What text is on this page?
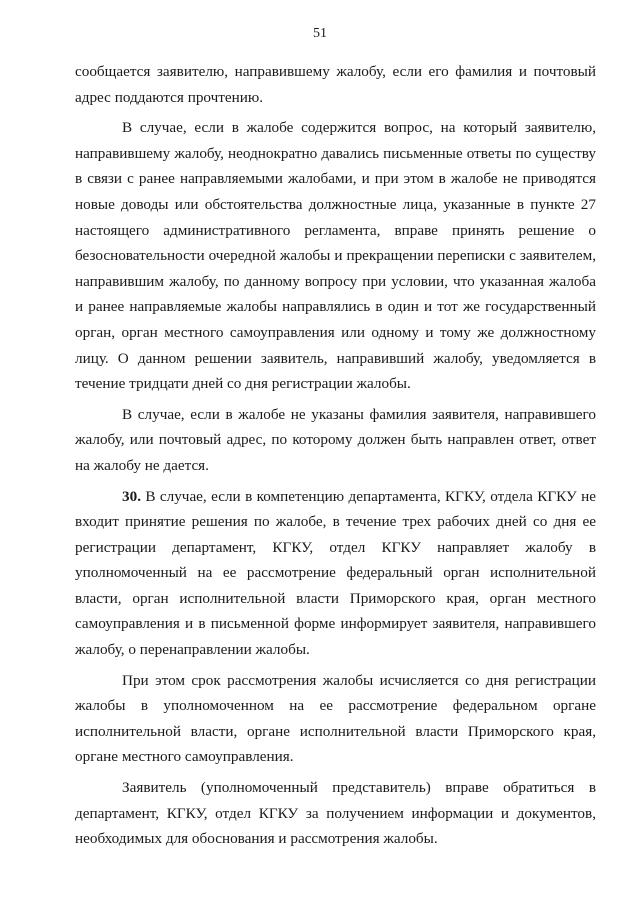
51

сообщается заявителю, направившему жалобу, если его фамилия и почтовый адрес поддаются прочтению.

В случае, если в жалобе содержится вопрос, на который заявителю, направившему жалобу, неоднократно давались письменные ответы по существу в связи с ранее направляемыми жалобами, и при этом в жалобе не приводятся новые доводы или обстоятельства должностные лица, указанные в пункте 27 настоящего административного регламента, вправе принять решение о безосновательности очередной жалобы и прекращении переписки с заявителем, направившим жалобу, по данному вопросу при условии, что указанная жалоба и ранее направляемые жалобы направлялись в один и тот же государственный орган, орган местного самоуправления или одному и тому же должностному лицу. О данном решении заявитель, направивший жалобу, уведомляется в течение тридцати дней со дня регистрации жалобы.

В случае, если в жалобе не указаны фамилия заявителя, направившего жалобу, или почтовый адрес, по которому должен быть направлен ответ, ответ на жалобу не дается.

30. В случае, если в компетенцию департамента, КГКУ, отдела КГКУ не входит принятие решения по жалобе, в течение трех рабочих дней со дня ее регистрации департамент, КГКУ, отдел КГКУ направляет жалобу в уполномоченный на ее рассмотрение федеральный орган исполнительной власти, орган исполнительной власти Приморского края, орган местного самоуправления и в письменной форме информирует заявителя, направившего жалобу, о перенаправлении жалобы.

При этом срок рассмотрения жалобы исчисляется со дня регистрации жалобы в уполномоченном на ее рассмотрение федеральном органе исполнительной власти, органе исполнительной власти Приморского края, органе местного самоуправления.

Заявитель (уполномоченный представитель) вправе обратиться в департамент, КГКУ, отдел КГКУ за получением информации и документов, необходимых для обоснования и рассмотрения жалобы.
